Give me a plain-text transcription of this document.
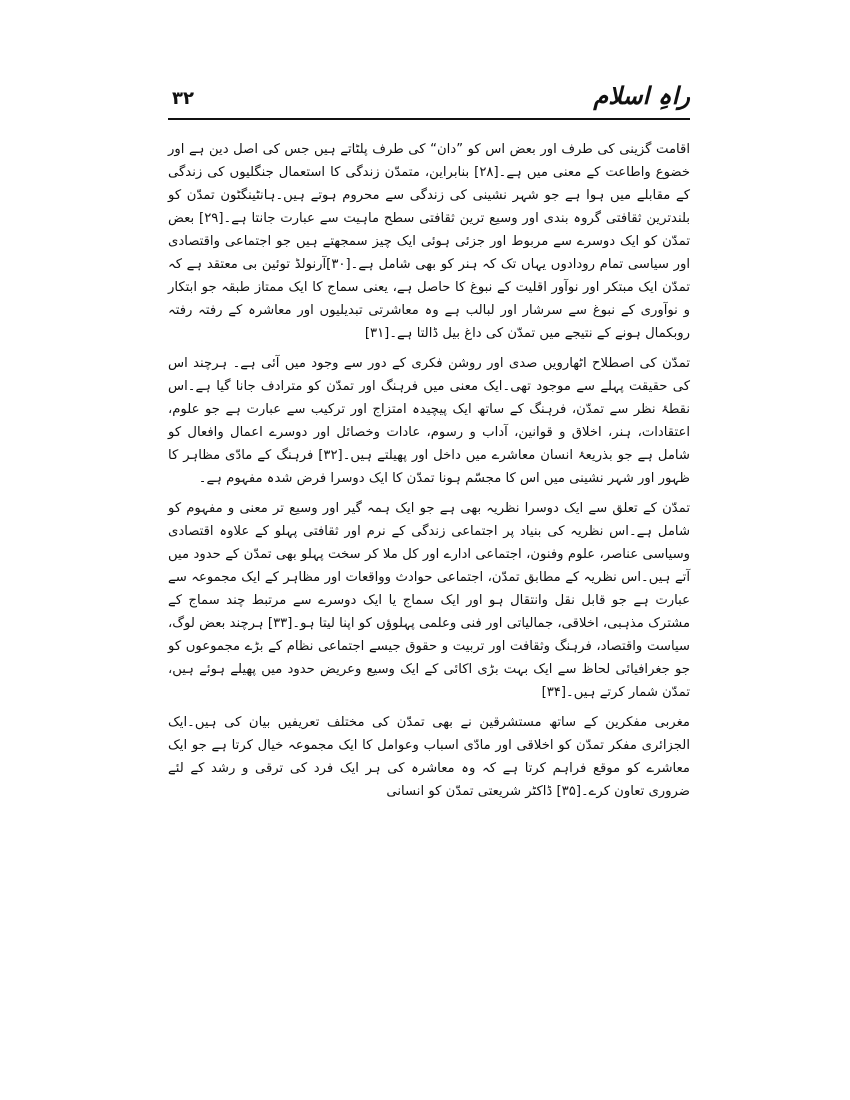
۳۲	راہِ اسلام

اقامت گزینی کی طرف اور بعض اس کو ”دان“ کی طرف پلٹاتے ہیں جس کی اصل دین ہے اور خضوع واطاعت کے معنی میں ہے۔[۲۸] بنابراین، متمدّن زندگی کا استعمال جنگلیوں کی زندگی کے مقابلے میں ہوا ہے جو شہر نشینی کی زندگی سے محروم ہوتے ہیں۔ہانٹینگٹون تمدّن کو بلندترین ثقافتی گروہ بندی اور وسیع ترین ثقافتی سطح ماہیت سے عبارت جانتا ہے۔[۲۹] بعض تمدّن کو ایک دوسرے سے مربوط اور جزئی ہوئی ایک چیز سمجھتے ہیں جو اجتماعی واقتصادی اور سیاسی تمام رودادوں یہاں تک کہ ہنر کو بھی شامل ہے۔[۳۰]آرنولڈ توئین بی معتقد ہے کہ تمدّن ایک مبتکر اور نوآور اقلیت کے نبوغ کا حاصل ہے، یعنی سماج کا ایک ممتاز طبقہ جو ابتکار و نوآوری کے نبوغ سے سرشار اور لبالب ہے وہ معاشرتی تبدیلیوں اور معاشرہ کے رفتہ رفتہ روبکمال ہونے کے نتیجے میں تمدّن کی داغ بیل ڈالتا ہے۔[۳۱]

تمدّن کی اصطلاح اٹھارویں صدی اور روشن فکری کے دور سے وجود میں آئی ہے۔ ہرچند اس کی حقیقت پہلے سے موجود تھی۔ایک معنی میں فرہنگ اور تمدّن کو مترادف جانا گیا ہے۔اس نقطۂ نظر سے تمدّن، فرہنگ کے ساتھ ایک پیچیدہ امتزاج اور ترکیب سے عبارت ہے جو علوم، اعتقادات، ہنر، اخلاق و قوانین، آداب و رسوم، عادات وخصائل اور دوسرے اعمال وافعال کو شامل ہے جو بذریعۂ انسان معاشرے میں داخل اور پھیلتے ہیں۔[۳۲] فرہنگ کے مادّی مظاہر کا ظہور اور شہر نشینی میں اس کا مجسّم ہونا تمدّن کا ایک دوسرا فرض شدہ مفہوم ہے۔

تمدّن کے تعلق سے ایک دوسرا نظریہ بھی ہے جو ایک ہمہ گیر اور وسیع تر معنی و مفہوم کو شامل ہے۔اس نظریہ کی بنیاد پر اجتماعی زندگی کے نرم اور ثقافتی پہلو کے علاوہ اقتصادی وسیاسی عناصر، علوم وفنون، اجتماعی ادارے اور کل ملا کر سخت پہلو بھی تمدّن کے حدود میں آتے ہیں۔اس نظریہ کے مطابق تمدّن، اجتماعی حوادث وواقعات اور مظاہر کے ایک مجموعہ سے عبارت ہے جو قابل نقل وانتقال ہو اور ایک سماج یا ایک دوسرے سے مرتبط چند سماج کے مشترک مذہبی، اخلاقی، جمالیاتی اور فنی وعلمی پہلوؤں کو اپنا لیتا ہو۔[۳۳] ہرچند بعض لوگ، سیاست واقتصاد، فرہنگ وثقافت اور تربیت و حقوق جیسے اجتماعی نظام کے بڑے مجموعوں کو جو جغرافیائی لحاظ سے ایک بہت بڑی اکائی کے ایک وسیع وعریض حدود میں پھیلے ہوئے ہیں، تمدّن شمار کرتے ہیں۔[۳۴]

مغربی مفکرین کے ساتھ مستشرقین نے بھی تمدّن کی مختلف تعریفیں بیان کی ہیں۔ایک الجزائری مفکر تمدّن کو اخلاقی اور مادّی اسباب وعوامل کا ایک مجموعہ خیال کرتا ہے جو ایک معاشرے کو موقع فراہم کرتا ہے کہ وہ معاشرہ کی ہر ایک فرد کی ترقی و رشد کے لئے ضروری تعاون کرے۔[۳۵] ڈاکٹر شریعتی تمدّن کو انسانی
